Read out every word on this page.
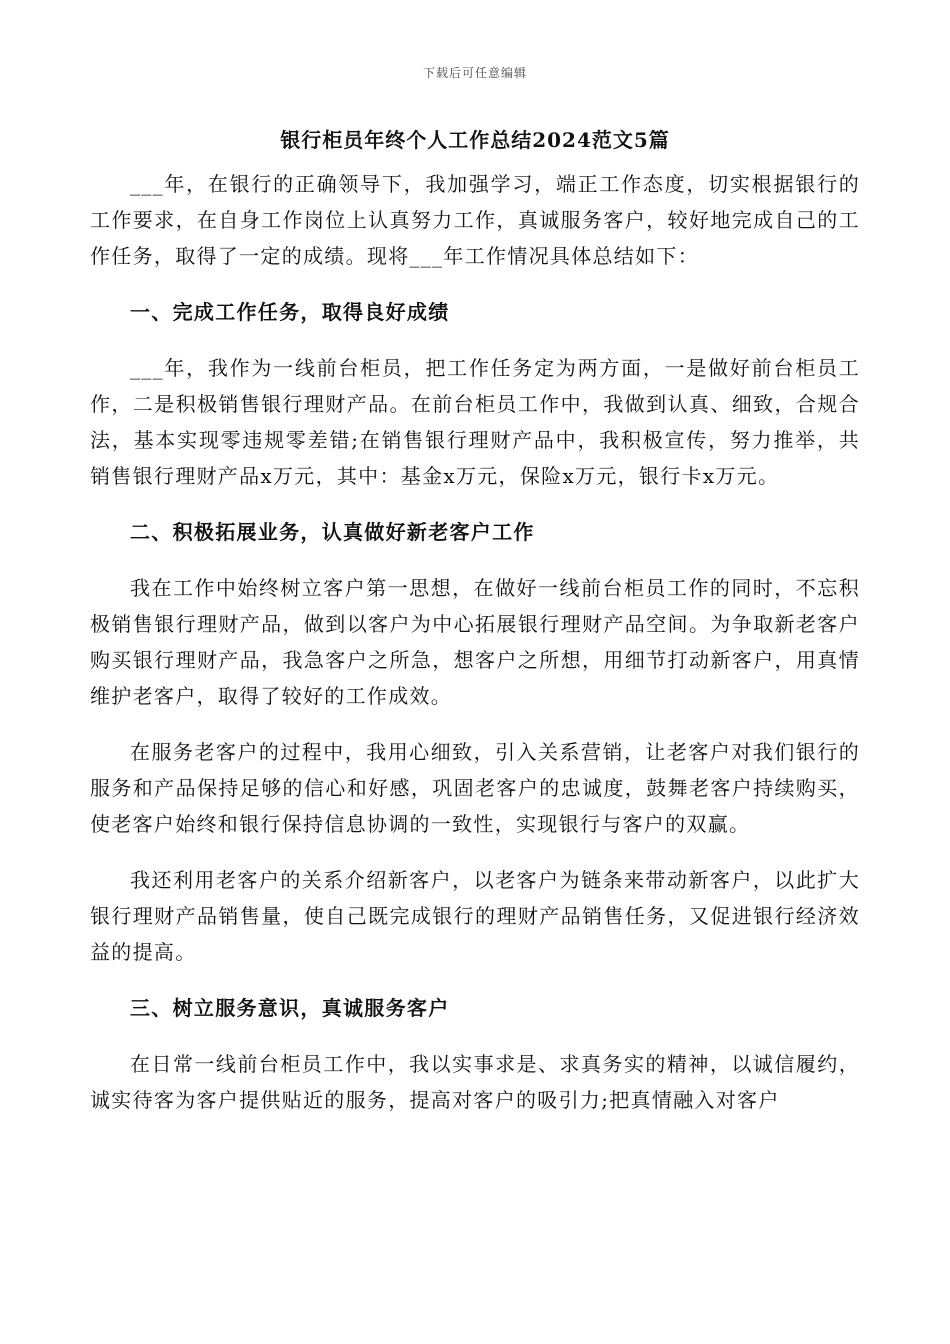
下载后可任意编辑
银行柜员年终个人工作总结2024范文5篇

___年，在银行的正确领导下，我加强学习，端正工作态度，切实根据银行的工作要求，在自身工作岗位上认真努力工作，真诚服务客户，较好地完成自己的工作任务，取得了一定的成绩。现将___年工作情况具体总结如下：

一、完成工作任务，取得良好成绩

___年，我作为一线前台柜员，把工作任务定为两方面，一是做好前台柜员工作，二是积极销售银行理财产品。在前台柜员工作中，我做到认真、细致，合规合法，基本实现零违规零差错;在销售银行理财产品中，我积极宣传，努力推举，共销售银行理财产品x万元，其中：基金x万元，保险x万元，银行卡x万元。

二、积极拓展业务，认真做好新老客户工作

我在工作中始终树立客户第一思想，在做好一线前台柜员工作的同时，不忘积极销售银行理财产品，做到以客户为中心拓展银行理财产品空间。为争取新老客户购买银行理财产品，我急客户之所急，想客户之所想，用细节打动新客户，用真情维护老客户，取得了较好的工作成效。

在服务老客户的过程中，我用心细致，引入关系营销，让老客户对我们银行的服务和产品保持足够的信心和好感，巩固老客户的忠诚度，鼓舞老客户持续购买，使老客户始终和银行保持信息协调的一致性，实现银行与客户的双赢。

我还利用老客户的关系介绍新客户，以老客户为链条来带动新客户，以此扩大银行理财产品销售量，使自己既完成银行的理财产品销售任务，又促进银行经济效益的提高。

三、树立服务意识，真诚服务客户

在日常一线前台柜员工作中，我以实事求是、求真务实的精神，以诚信履约，诚实待客为客户提供贴近的服务，提高对客户的吸引力;把真情融入对客户
